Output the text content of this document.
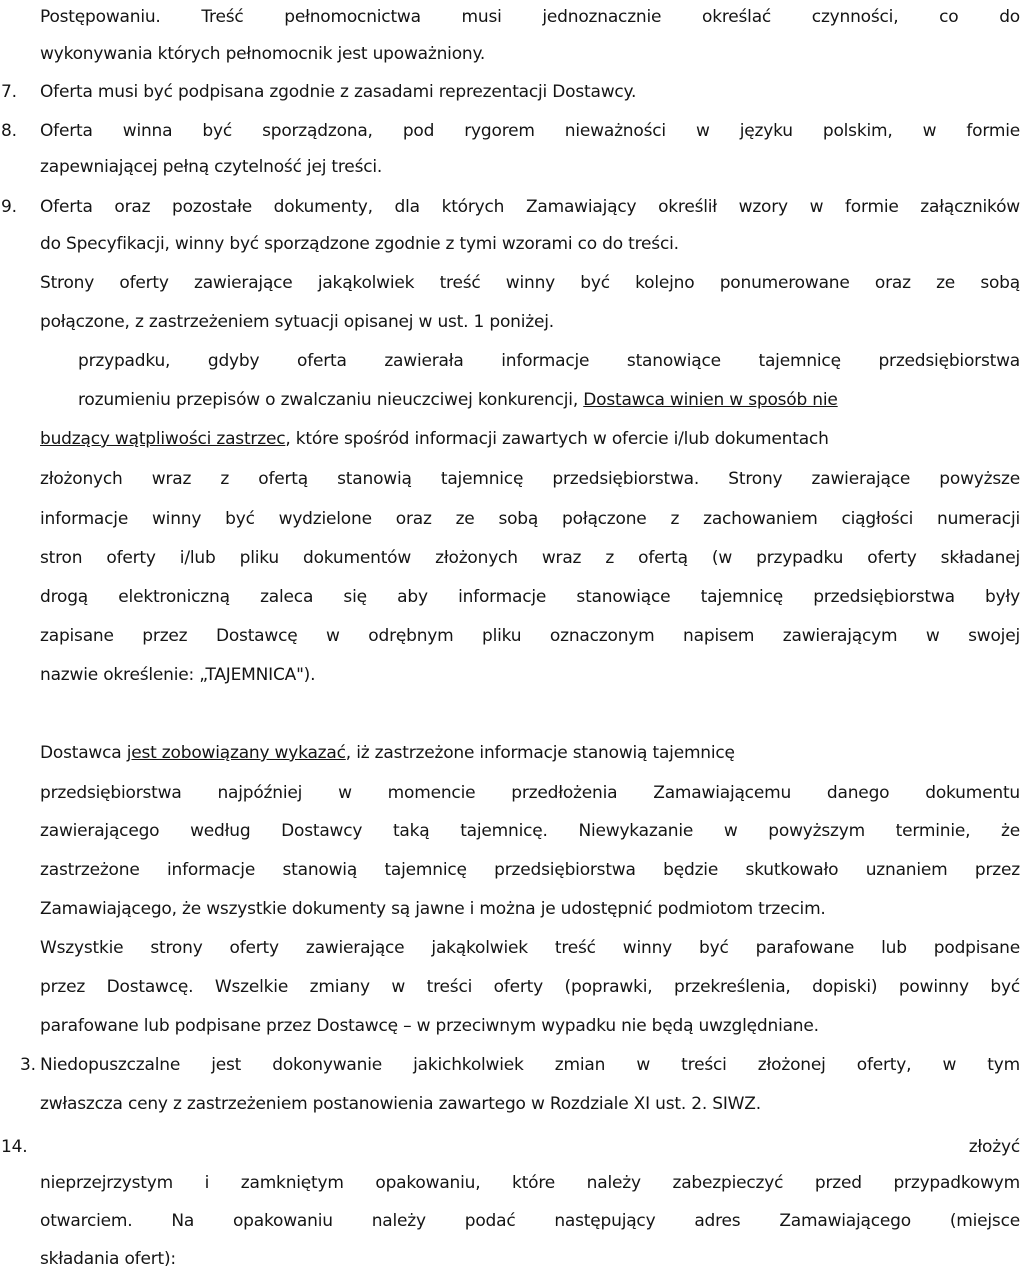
Postępowaniu. Treść pełnomocnictwa musi jednoznacznie określać czynności, co do
wykonywania których pełnomocnik jest upoważniony.
7.	Oferta musi być podpisana zgodnie z zasadami reprezentacji Dostawcy.
8.	Oferta winna być sporządzona, pod rygorem nieważności w języku polskim, w formie
zapewniającej pełną czytelność jej treści.
9.	Oferta oraz pozostałe dokumenty, dla których Zamawiający określił wzory w formie załączników
do Specyfikacji, winny być sporządzone zgodnie z tymi wzorami co do treści.
Strony oferty zawierające jakąkolwiek treść winny być kolejno ponumerowane oraz ze sobą
połączone, z zastrzeżeniem sytuacji opisanej w ust. 1 poniżej.
przypadku, gdyby oferta zawierała informacje stanowiące tajemnicę przedsiębiorstwa
rozumieniu przepisów o zwalczaniu nieuczciwej konkurencji, Dostawca winien w sposób nie
budzący wątpliwości zastrzec, które spośród informacji zawartych w ofercie i/lub dokumentach
złożonych wraz z ofertą stanowią tajemnicę przedsiębiorstwa. Strony zawierające powyższe
informacje winny być wydzielone oraz ze sobą połączone z zachowaniem ciągłości numeracji
stron oferty i/lub pliku dokumentów złożonych wraz z ofertą (w przypadku oferty składanej
drogą elektroniczną zaleca się aby informacje stanowiące tajemnicę przedsiębiorstwa były
zapisane przez Dostawcę w odrębnym pliku oznaczonym napisem zawierającym w swojej
nazwie określenie: „TAJEMNICA").
Dostawca jest zobowiązany wykazać, iż zastrzeżone informacje stanowią tajemnicę
przedsiębiorstwa najpóźniej w momencie przedłożenia Zamawiającemu danego dokumentu
zawierającego według Dostawcy taką tajemnicę. Niewykazanie w powyższym terminie, że
zastrzeżone informacje stanowią tajemnicę przedsiębiorstwa będzie skutkowało uznaniem przez
Zamawiającego, że wszystkie dokumenty są jawne i można je udostępnić podmiotom trzecim.
Wszystkie strony oferty zawierające jakąkolwiek treść winny być parafowane lub podpisane
przez Dostawcę. Wszelkie zmiany w treści oferty (poprawki, przekreślenia, dopiski) powinny być
parafowane lub podpisane przez Dostawcę – w przeciwnym wypadku nie będą uwzględniane.
3. Niedopuszczalne jest dokonywanie jakichkolwiek zmian w treści złożonej oferty, w tym
zwłaszcza ceny z zastrzeżeniem postanowienia zawartego w Rozdziale XI ust. 2. SIWZ.
14.	złożyć
nieprzejrzystym i zamkniętym opakowaniu, które należy zabezpieczyć przed przypadkowym
otwarciem. Na opakowaniu należy podać następujący adres Zamawiającego (miejsce
składania ofert):
